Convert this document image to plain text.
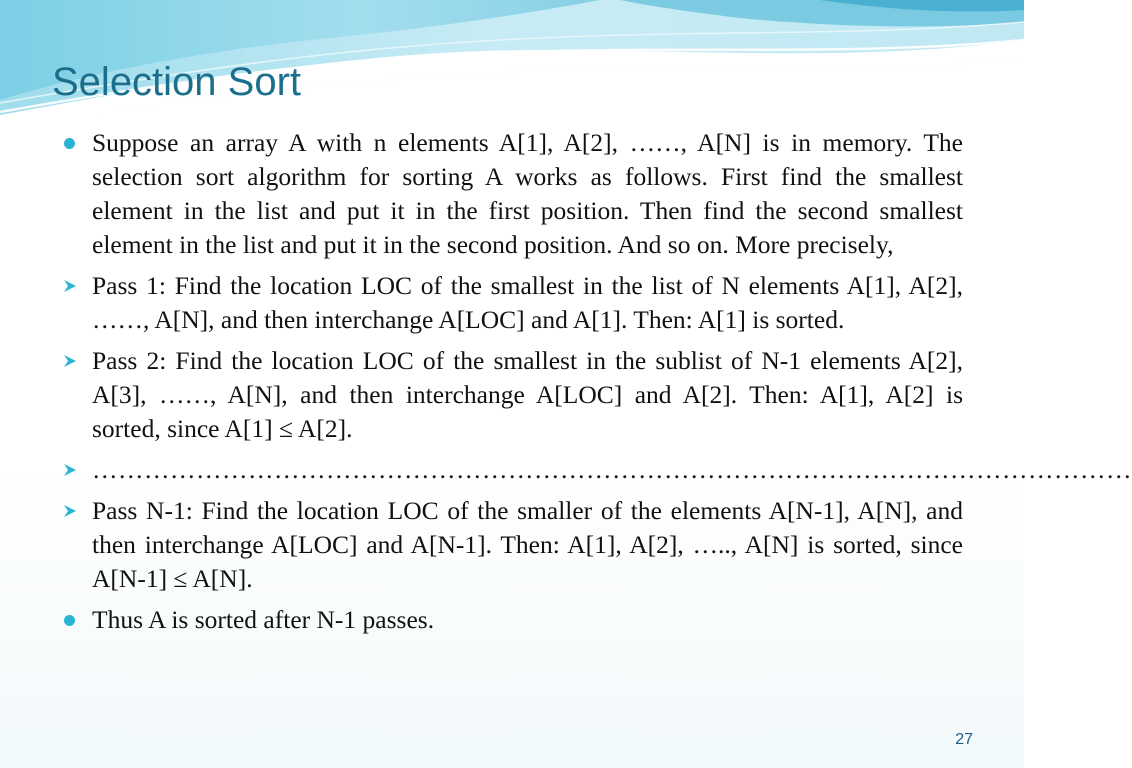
Selection Sort
Suppose an array A with n elements A[1], A[2], ……, A[N] is in memory. The selection sort algorithm for sorting A works as follows. First find the smallest element in the list and put it in the first position. Then find the second smallest element in the list and put it in the second position. And so on. More precisely,
Pass 1: Find the location LOC of the smallest in the list of N elements A[1], A[2], ……, A[N], and then interchange A[LOC] and A[1]. Then: A[1] is sorted.
Pass 2: Find the location LOC of the smallest in the sublist of N-1 elements A[2], A[3], ……, A[N], and then interchange A[LOC] and A[2]. Then: A[1], A[2] is sorted, since A[1] ≤ A[2].
…………………………………………………………………………………………………………
Pass N-1: Find the location LOC of the smaller of the elements A[N-1], A[N], and then interchange A[LOC] and A[N-1]. Then: A[1], A[2], ….., A[N] is sorted, since A[N-1] ≤ A[N].
Thus A is sorted after N-1 passes.
27
